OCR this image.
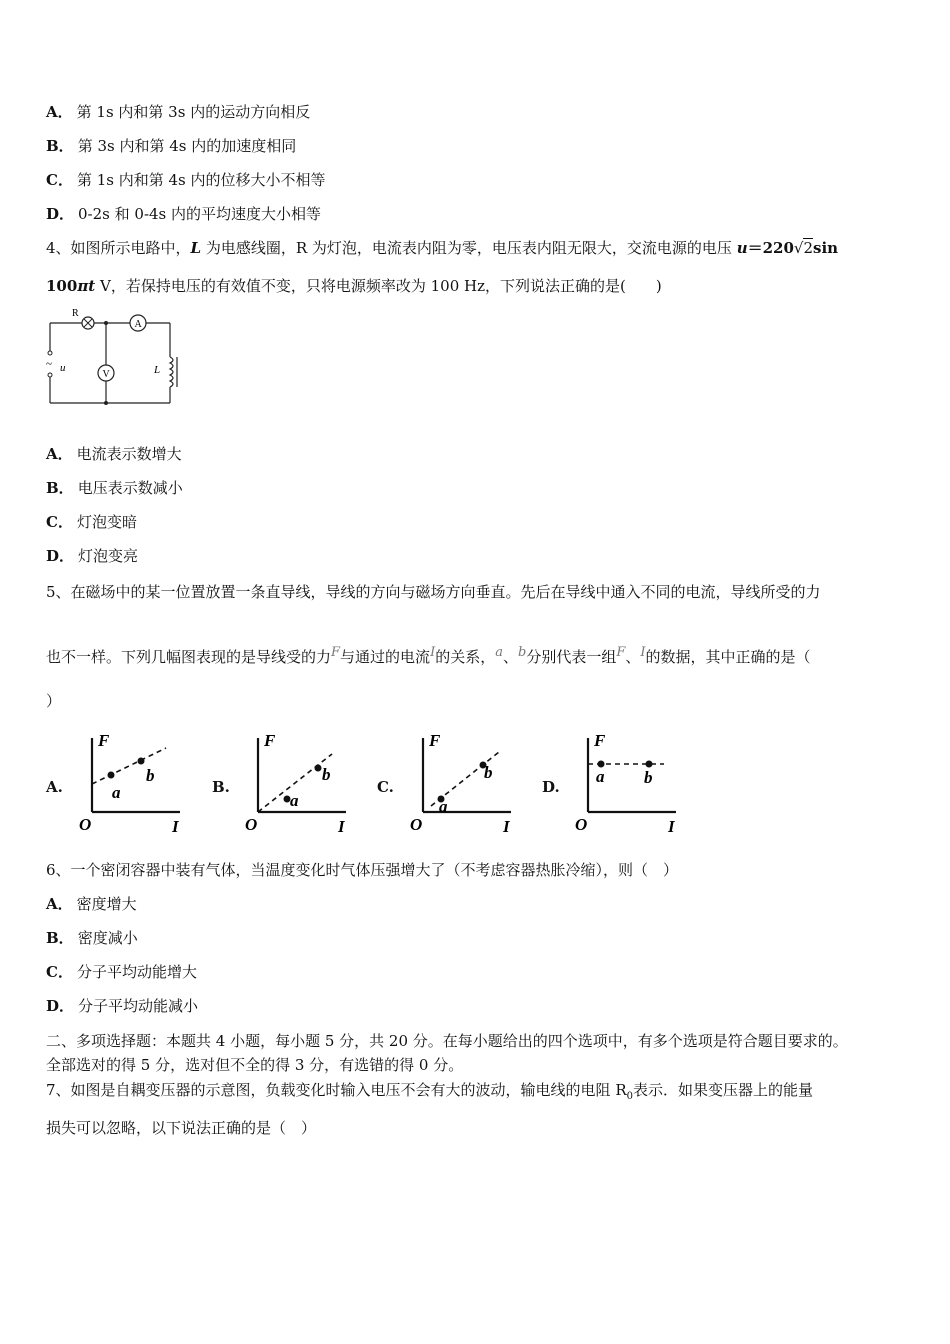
A． 第 1s 内和第 3s 内的运动方向相反
B． 第 3s 内和第 4s 内的加速度相同
C． 第 1s 内和第 4s 内的位移大小不相等
D． 0-2s 和 0-4s 内的平均速度大小相等
4、如图所示电路中，L 为电感线圈，R 为灯泡，电流表内阻为零，电压表内阻无限大，交流电源的电压 u＝220√2sin
100πt V，若保持电压的有效值不变，只将电源频率改为 100 Hz，下列说法正确的是(　　)
R
A
V
~ u	L
A． 电流表示数增大
B． 电压表示数减小
C． 灯泡变暗
D． 灯泡变亮
5、在磁场中的某一位置放置一条直导线，导线的方向与磁场方向垂直。先后在导线中通入不同的电流，导线所受的力
也不一样。下列几幅图表现的是导线受的力$^F$与通过的电流$^I$的关系，$^a$、$^b$分别代表一组$^F$、$^I$的数据，其中正确的是（
）
A.
F
O	I
a
b
B.
F
O	I
a
b
C.
F
O	I
a
b
D.
F
O	I
a b
6、一个密闭容器中装有气体，当温度变化时气体压强增大了（不考虑容器热胀冷缩），则（　）
A． 密度增大
B． 密度减小
C． 分子平均动能增大
D． 分子平均动能减小
二、多项选择题：本题共 4 小题，每小题 5 分，共 20 分。在每小题给出的四个选项中，有多个选项是符合题目要求的。
全部选对的得 5 分，选对但不全的得 3 分，有选错的得 0 分。
7、如图是自耦变压器的示意图，负载变化时输入电压不会有大的波动，输电线的电阻 $R_0$表示．如果变压器上的能量
损失可以忽略，以下说法正确的是（　）
